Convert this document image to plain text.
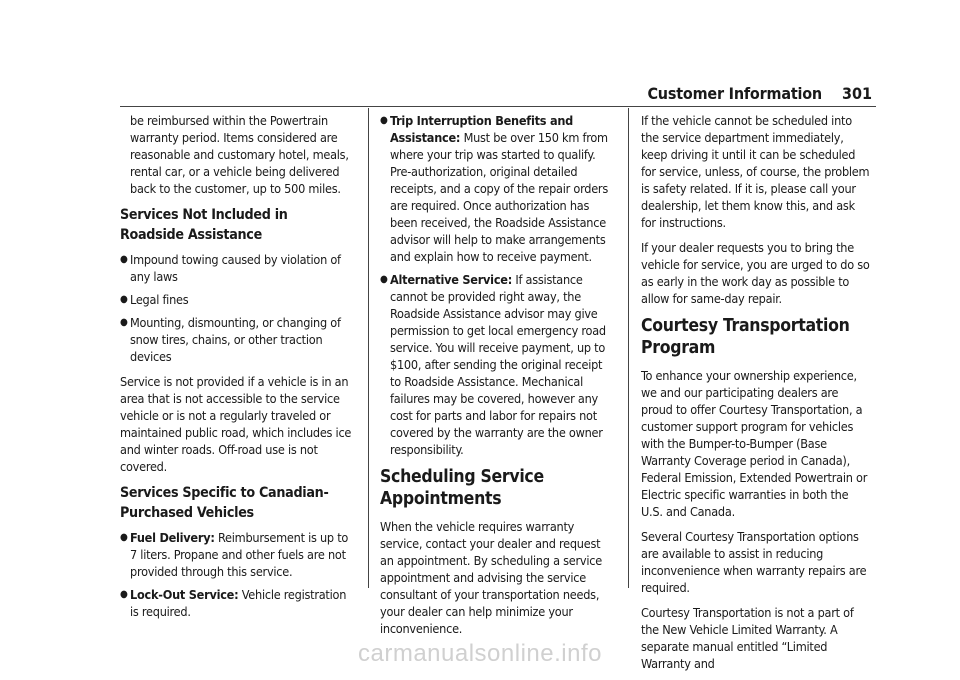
Customer Information 301

be reimbursed within the Powertrain warranty period. Items considered are reasonable and customary hotel, meals, rental car, or a vehicle being delivered back to the customer, up to 500 miles.

Services Not Included in Roadside Assistance
● Impound towing caused by violation of any laws
● Legal fines
● Mounting, dismounting, or changing of snow tires, chains, or other traction devices

Service is not provided if a vehicle is in an area that is not accessible to the service vehicle or is not a regularly traveled or maintained public road, which includes ice and winter roads. Off-road use is not covered.

Services Specific to Canadian-Purchased Vehicles
● Fuel Delivery: Reimbursement is up to 7 liters. Propane and other fuels are not provided through this service.
● Lock-Out Service: Vehicle registration is required.
● Trip Interruption Benefits and Assistance: Must be over 150 km from where your trip was started to qualify. Pre-authorization, original detailed receipts, and a copy of the repair orders are required. Once authorization has been received, the Roadside Assistance advisor will help to make arrangements and explain how to receive payment.
● Alternative Service: If assistance cannot be provided right away, the Roadside Assistance advisor may give permission to get local emergency road service. You will receive payment, up to $100, after sending the original receipt to Roadside Assistance. Mechanical failures may be covered, however any cost for parts and labor for repairs not covered by the warranty are the owner responsibility.
Scheduling Service Appointments

When the vehicle requires warranty service, contact your dealer and request an appointment. By scheduling a service appointment and advising the service consultant of your transportation needs, your dealer can help minimize your inconvenience.

If the vehicle cannot be scheduled into the service department immediately, keep driving it until it can be scheduled for service, unless, of course, the problem is safety related. If it is, please call your dealership, let them know this, and ask for instructions.

If your dealer requests you to bring the vehicle for service, you are urged to do so as early in the work day as possible to allow for same-day repair.

Courtesy Transportation Program

To enhance your ownership experience, we and our participating dealers are proud to offer Courtesy Transportation, a customer support program for vehicles with the Bumper-to-Bumper (Base Warranty Coverage period in Canada), Federal Emission, Extended Powertrain or Electric specific warranties in both the U.S. and Canada.

Several Courtesy Transportation options are available to assist in reducing inconvenience when warranty repairs are required.

Courtesy Transportation is not a part of the New Vehicle Limited Warranty. A separate manual entitled “Limited Warranty and

carmanualsonline.info
